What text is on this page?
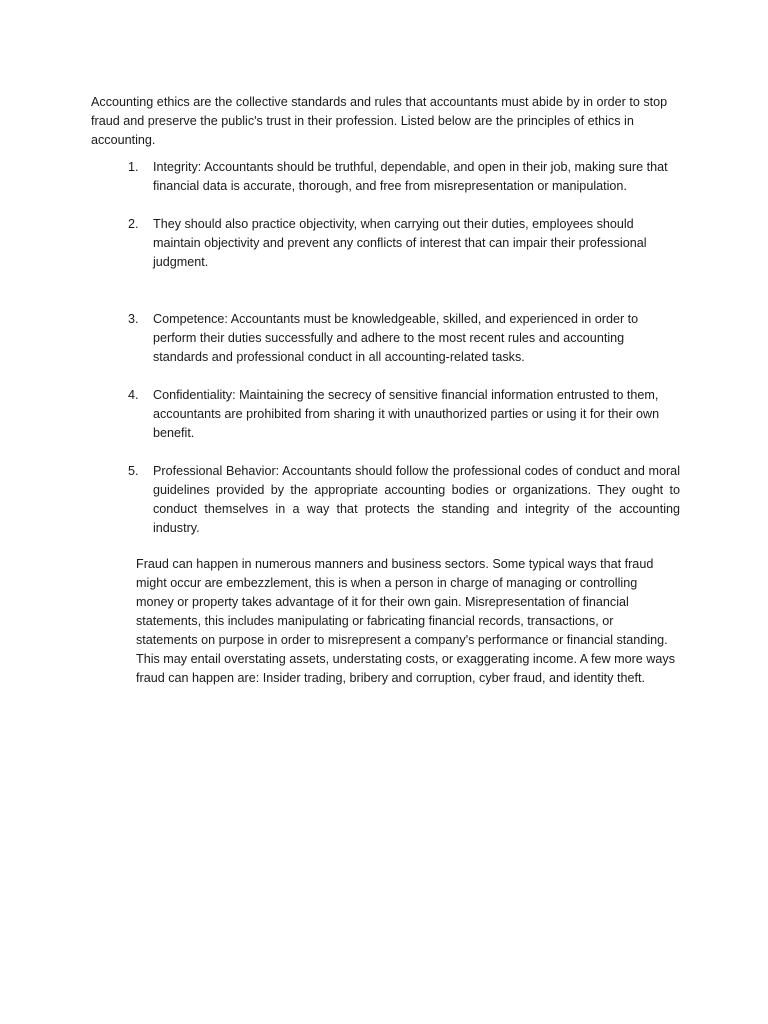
Accounting ethics are the collective standards and rules that accountants must abide by in order to stop fraud and preserve the public's trust in their profession. Listed below are the principles of ethics in accounting.

1. Integrity: Accountants should be truthful, dependable, and open in their job, making sure that financial data is accurate, thorough, and free from misrepresentation or manipulation.
2. They should also practice objectivity, when carrying out their duties, employees should maintain objectivity and prevent any conflicts of interest that can impair their professional judgment.
3. Competence: Accountants must be knowledgeable, skilled, and experienced in order to perform their duties successfully and adhere to the most recent rules and accounting standards and professional conduct in all accounting-related tasks.
4. Confidentiality: Maintaining the secrecy of sensitive financial information entrusted to them, accountants are prohibited from sharing it with unauthorized parties or using it for their own benefit.
5. Professional Behavior: Accountants should follow the professional codes of conduct and moral guidelines provided by the appropriate accounting bodies or organizations. They ought to conduct themselves in a way that protects the standing and integrity of the accounting industry.

Fraud can happen in numerous manners and business sectors. Some typical ways that fraud might occur are embezzlement, this is when a person in charge of managing or controlling money or property takes advantage of it for their own gain. Misrepresentation of financial statements, this includes manipulating or fabricating financial records, transactions, or statements on purpose in order to misrepresent a company's performance or financial standing. This may entail overstating assets, understating costs, or exaggerating income. A few more ways fraud can happen are: Insider trading, bribery and corruption, cyber fraud, and identity theft.
